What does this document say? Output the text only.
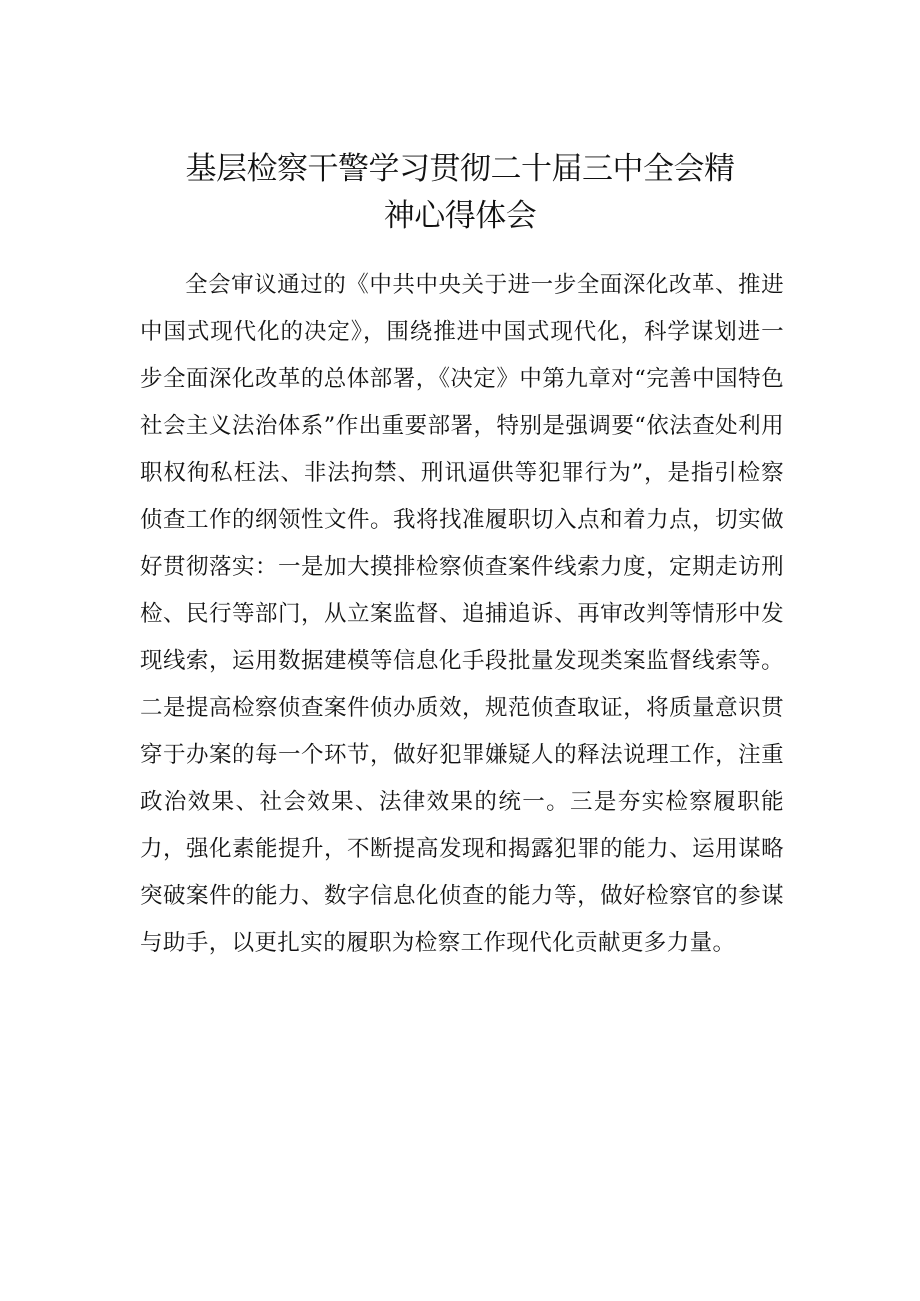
基层检察干警学习贯彻二十届三中全会精
神心得体会

全会审议通过的《中共中央关于进一步全面深化改革、推进中国式现代化的决定》，围绕推进中国式现代化，科学谋划进一步全面深化改革的总体部署，《决定》中第九章对“完善中国特色社会主义法治体系”作出重要部署，特别是强调要“依法查处利用职权徇私枉法、非法拘禁、刑讯逼供等犯罪行为”，是指引检察侦查工作的纲领性文件。我将找准履职切入点和着力点，切实做好贯彻落实：一是加大摸排检察侦查案件线索力度，定期走访刑检、民行等部门，从立案监督、追捕追诉、再审改判等情形中发现线索，运用数据建模等信息化手段批量发现类案监督线索等。二是提高检察侦查案件侦办质效，规范侦查取证，将质量意识贯穿于办案的每一个环节，做好犯罪嫌疑人的释法说理工作，注重政治效果、社会效果、法律效果的统一。三是夯实检察履职能力，强化素能提升，不断提高发现和揭露犯罪的能力、运用谋略突破案件的能力、数字信息化侦查的能力等，做好检察官的参谋与助手，以更扎实的履职为检察工作现代化贡献更多力量。
